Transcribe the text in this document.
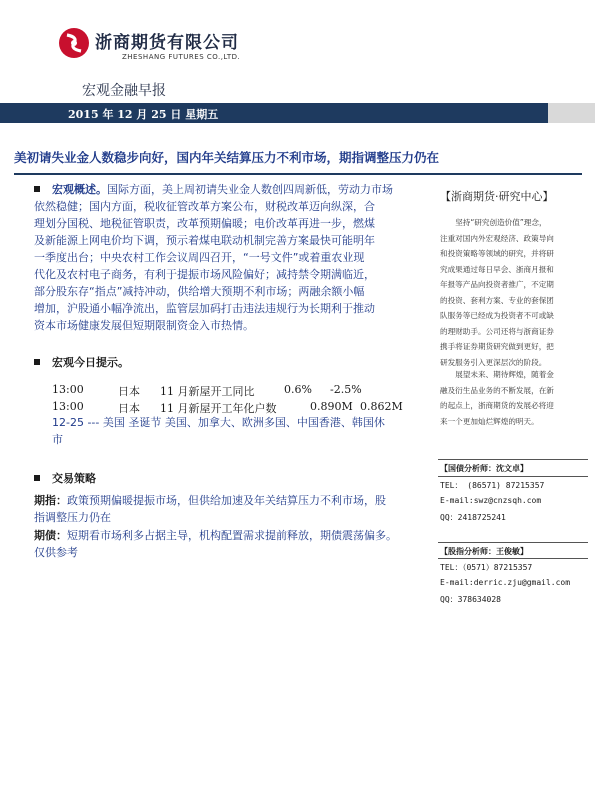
浙商期货有限公司
ZHESHANG FUTURES CO.,LTD.
宏观金融早报
2015 年 12 月 25 日 星期五
美初请失业金人数稳步向好，国内年关结算压力不利市场，期指调整压力仍在
宏观概述。国际方面，美上周初请失业金人数创四周新低，劳动力市场
依然稳健；国内方面，税收征管改革方案公布，财税改革迈向纵深，合
理划分国税、地税征管职责，改革预期偏暖；电价改革再进一步，燃煤
及新能源上网电价均下调，预示着煤电联动机制完善方案最快可能明年
一季度出台；中央农村工作会议周四召开，“一号文件”或着重农业现
代化及农村电子商务，有利于提振市场风险偏好；减持禁令期满临近，
部分股东存“指点”减持冲动，供给增大预期不利市场；两融余额小幅
增加，沪股通小幅净流出，监管层加码打击违法违规行为长期利于推动
资本市场健康发展但短期限制资金入市热情。
宏观今日提示。
13:00	日本 11 月新屋开工同比	0.6% -2.5%
13:00	日本 11 月新屋开工年化户数	0.890M 0.862M
12-25 --- 美国 圣诞节 美国、加拿大、欧洲多国、中国香港、韩国休
市
交易策略
期指：政策预期偏暖提振市场，但供给加速及年关结算压力不利市场，股
指调整压力仍在
期债：短期看市场利多占据主导，机构配置需求提前释放，期债震荡偏多。
仅供参考
【浙商期货·研究中心】
坚持“研究创造价值”理念，
注重对国内外宏观经济、政策导向
和投资策略等领域的研究，并将研
究成果通过每日早会、浙商月报和
年报等产品向投资者推广，不定期
的投资、套利方案、专业的套保团
队服务等已经成为投资者不可或缺
的理财助手。公司还将与浙商证券
携手将证券期货研究做到更好，把
研发服务引入更深层次的阶段。
展望未来、期待辉煌，随着金
融及衍生品业务的不断发展，在新
的起点上，浙商期货的发展必将迎
来一个更加灿烂辉煌的明天。
【国债分析师：沈文卓】
TEL： (86571) 87215357
E-mail:swz@cnzsqh.com
QQ：2418725241
【股指分析师：王俊敏】
TEL：（0571）87215357
E-mail:derric.zju@gmail.com
QQ：378634028
